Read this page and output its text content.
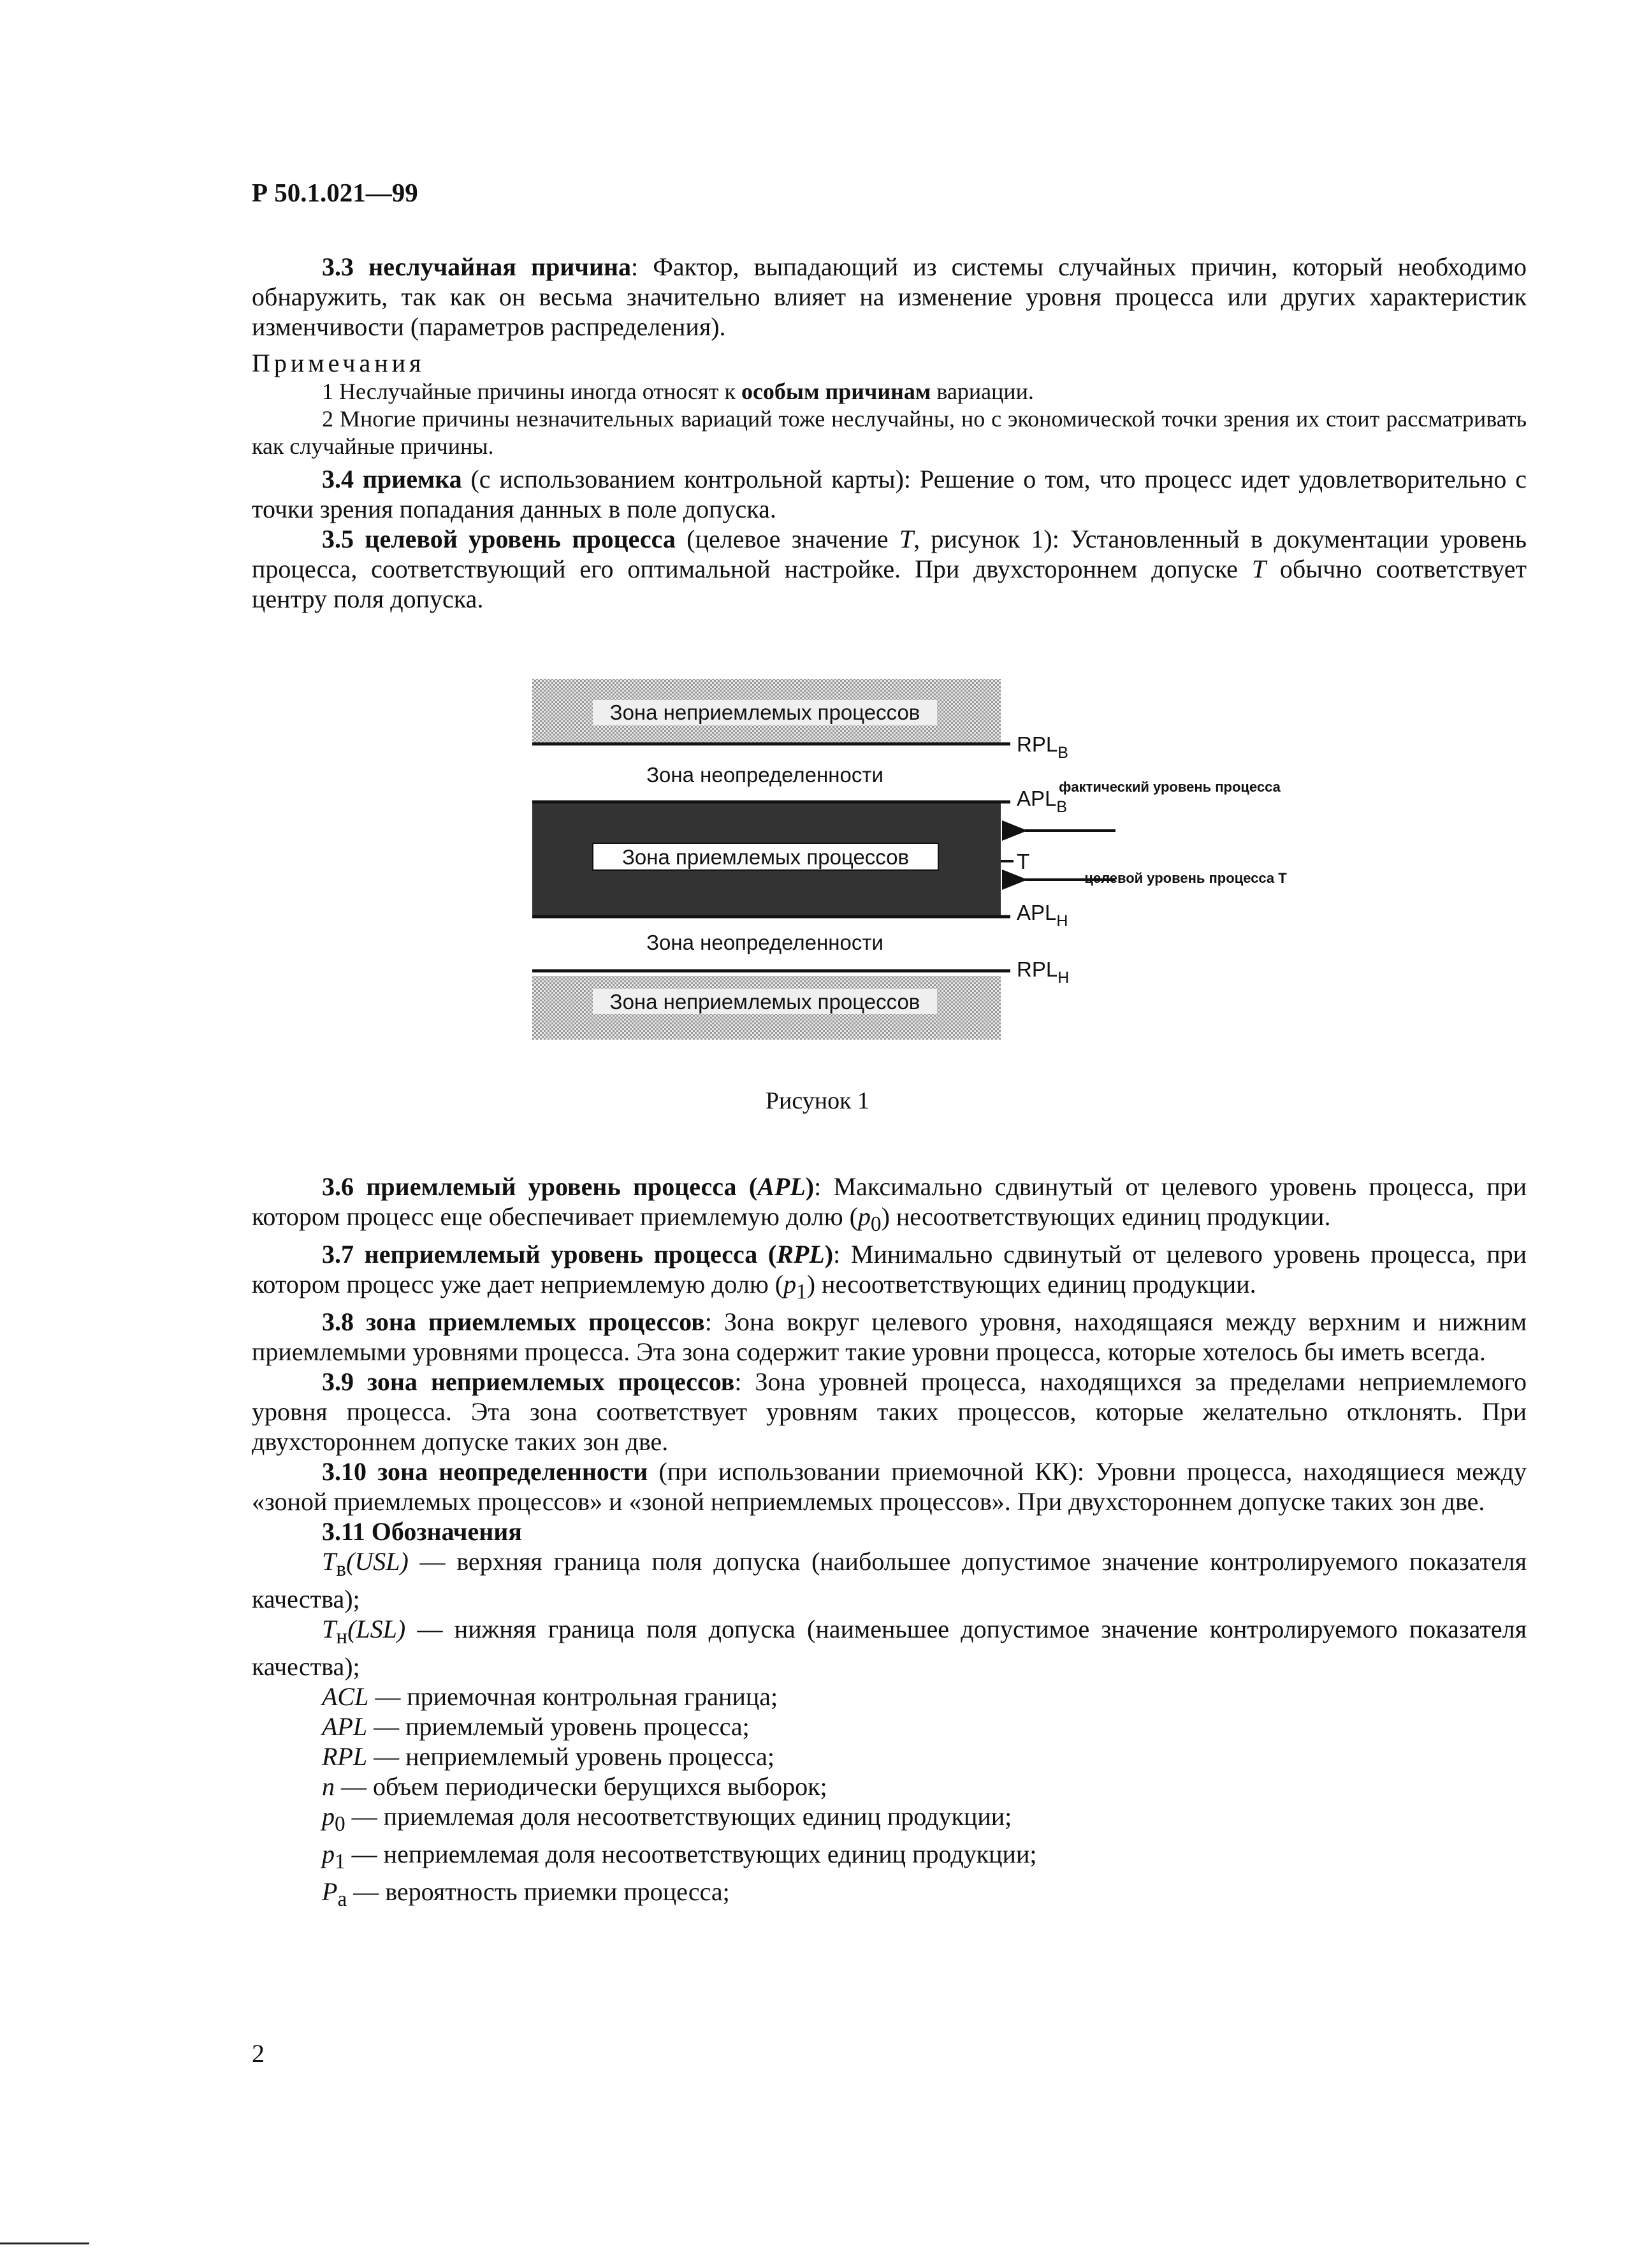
Р 50.1.021—99

3.3 неслучайная причина: Фактор, выпадающий из системы случайных причин, который необходимо обнаружить, так как он весьма значительно влияет на изменение уровня процесса или других характеристик изменчивости (параметров распределения).

Примечания

1 Неслучайные причины иногда относят к особым причинам вариации.

2 Многие причины незначительных вариаций тоже неслучайны, но с экономической точки зрения их стоит рассматривать как случайные причины.

3.4 приемка (с использованием контрольной карты): Решение о том, что процесс идет удовлетворительно с точки зрения попадания данных в поле допуска.

3.5 целевой уровень процесса (целевое значение T, рисунок 1): Установленный в документации уровень процесса, соответствующий его оптимальной настройке. При двухстороннем допуске T обычно соответствует центру поля допуска.

Зона неприемлемых процессов
$RPL_В$
Зона неопределенности
$APL_В$
Зона приемлемых процессов	T
$APL_Н$
фактический уровень процесса
целевой уровень процесса T
Зона неопределенности
$RPL_Н$
Зона неприемлемых процессов
Рисунок 1

3.6 приемлемый уровень процесса (APL): Максимально сдвинутый от целевого уровень процесса, при котором процесс еще обеспечивает приемлемую долю $(p_0)$ несоответствующих единиц продукции.

3.7 неприемлемый уровень процесса (RPL): Минимально сдвинутый от целевого уровень процесса, при котором процесс уже дает неприемлемую долю $(p_1)$ несоответствующих единиц продукции.

3.8 зона приемлемых процессов: Зона вокруг целевого уровня, находящаяся между верхним и нижним приемлемыми уровнями процесса. Эта зона содержит такие уровни процесса, которые хотелось бы иметь всегда.

3.9 зона неприемлемых процессов: Зона уровней процесса, находящихся за пределами неприемлемого уровня процесса. Эта зона соответствует уровням таких процессов, которые желательно отклонять. При двухстороннем допуске таких зон две.

3.10 зона неопределенности (при использовании приемочной КК): Уровни процесса, находящиеся между «зоной приемлемых процессов» и «зоной неприемлемых процессов». При двухстороннем допуске таких зон две.

3.11 Обозначения

$T_в(USL)$ — верхняя граница поля допуска (наибольшее допустимое значение контролируемого показателя качества);

$T_н(LSL)$ — нижняя граница поля допуска (наименьшее допустимое значение контролируемого показателя качества);

ACL — приемочная контрольная граница;

APL — приемлемый уровень процесса;

RPL — неприемлемый уровень процесса;

n — объем периодически берущихся выборок;

$p_0$ — приемлемая доля несоответствующих единиц продукции;

$p_1$ — неприемлемая доля несоответствующих единиц продукции;

$P_a$ — вероятность приемки процесса;

2
